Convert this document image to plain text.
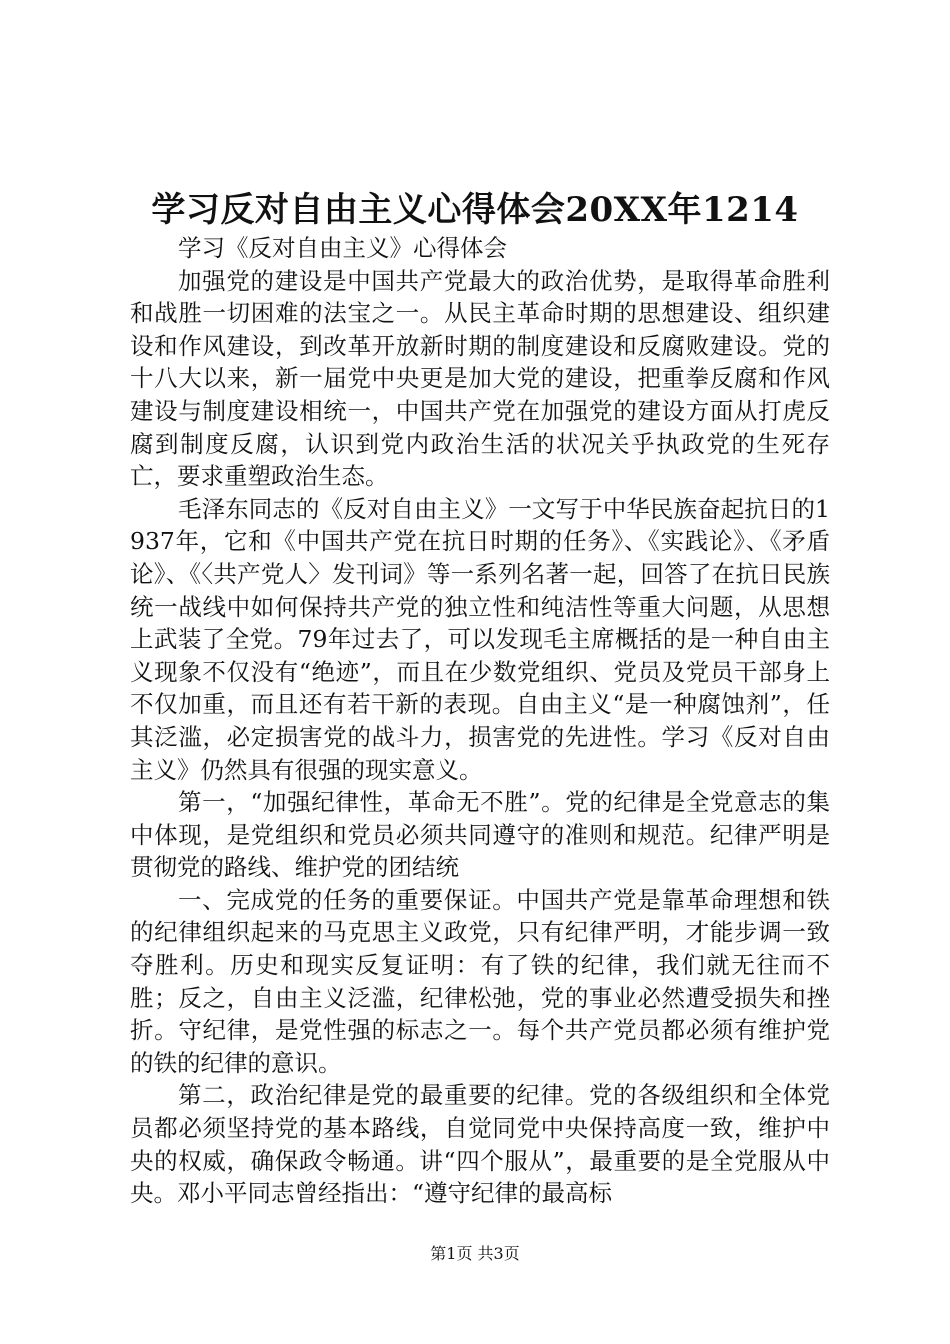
学习反对自由主义心得体会20XX年1214

学习《反对自由主义》心得体会

加强党的建设是中国共产党最大的政治优势，是取得革命胜利和战胜一切困难的法宝之一。从民主革命时期的思想建设、组织建设和作风建设，到改革开放新时期的制度建设和反腐败建设。党的十八大以来，新一届党中央更是加大党的建设，把重拳反腐和作风建设与制度建设相统一，中国共产党在加强党的建设方面从打虎反腐到制度反腐，认识到党内政治生活的状况关乎执政党的生死存亡，要求重塑政治生态。

毛泽东同志的《反对自由主义》一文写于中华民族奋起抗日的1937年，它和《中国共产党在抗日时期的任务》、《实践论》、《矛盾论》、《〈共产党人〉发刊词》等一系列名著一起，回答了在抗日民族统一战线中如何保持共产党的独立性和纯洁性等重大问题，从思想上武装了全党。79年过去了，可以发现毛主席概括的是一种自由主义现象不仅没有“绝迹”，而且在少数党组织、党员及党员干部身上不仅加重，而且还有若干新的表现。自由主义“是一种腐蚀剂”，任其泛滥，必定损害党的战斗力，损害党的先进性。学习《反对自由主义》仍然具有很强的现实意义。

第一，“加强纪律性，革命无不胜”。党的纪律是全党意志的集中体现，是党组织和党员必须共同遵守的准则和规范。纪律严明是贯彻党的路线、维护党的团结统

一、完成党的任务的重要保证。中国共产党是靠革命理想和铁的纪律组织起来的马克思主义政党，只有纪律严明，才能步调一致夺胜利。历史和现实反复证明：有了铁的纪律，我们就无往而不胜；反之，自由主义泛滥，纪律松弛，党的事业必然遭受损失和挫折。守纪律，是党性强的标志之一。每个共产党员都必须有维护党的铁的纪律的意识。

第二，政治纪律是党的最重要的纪律。党的各级组织和全体党员都必须坚持党的基本路线，自觉同党中央保持高度一致，维护中央的权威，确保政令畅通。讲“四个服从”，最重要的是全党服从中央。邓小平同志曾经指出：“遵守纪律的最高标

第1页 共3页
